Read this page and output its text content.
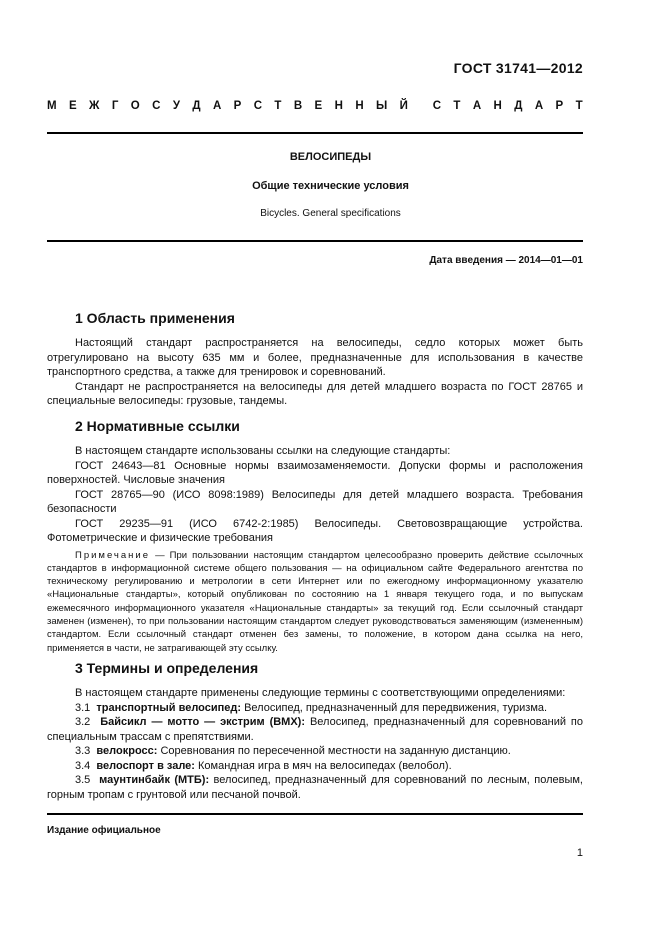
ГОСТ 31741—2012
М Е Ж Г О С У Д А Р С Т В Е Н Н Ы Й С Т А Н Д А Р Т
ВЕЛОСИПЕДЫ
Общие технические условия
Bicycles. General specifications
Дата введения — 2014—01—01
1 Область применения

Настоящий стандарт распространяется на велосипеды, седло которых может быть отрегулировано на высоту 635 мм и более, предназначенные для использования в качестве транспортного средства, а также для тренировок и соревнований.

Стандарт не распространяется на велосипеды для детей младшего возраста по ГОСТ 28765 и специальные велосипеды: грузовые, тандемы.

2 Нормативные ссылки

В настоящем стандарте использованы ссылки на следующие стандарты:

ГОСТ 24643—81 Основные нормы взаимозаменяемости. Допуски формы и расположения поверхностей. Числовые значения

ГОСТ 28765—90 (ИСО 8098:1989) Велосипеды для детей младшего возраста. Требования безопасности

ГОСТ 29235—91 (ИСО 6742-2:1985) Велосипеды. Световозвращающие устройства. Фотометрические и физические требования

Примечание — При пользовании настоящим стандартом целесообразно проверить действие ссылочных стандартов в информационной системе общего пользования — на официальном сайте Федерального агентства по техническому регулированию и метрологии в сети Интернет или по ежегодному информационному указателю «Национальные стандарты», который опубликован по состоянию на 1 января текущего года, и по выпускам ежемесячного информационного указателя «Национальные стандарты» за текущий год. Если ссылочный стандарт заменен (изменен), то при пользовании настоящим стандартом следует руководствоваться заменяющим (измененным) стандартом. Если ссылочный стандарт отменен без замены, то положение, в котором дана ссылка на него, применяется в части, не затрагивающей эту ссылку.

3 Термины и определения

В настоящем стандарте применены следующие термины с соответствующими определениями:

3.1 транспортный велосипед: Велосипед, предназначенный для передвижения, туризма.

3.2 Байсикл — мотто — экстрим (ВМХ): Велосипед, предназначенный для соревнований по специальным трассам с препятствиями.

3.3 велокросс: Соревнования по пересеченной местности на заданную дистанцию.

3.4 велоспорт в зале: Командная игра в мяч на велосипедах (велобол).

3.5 маунтинбайк (МТБ): велосипед, предназначенный для соревнований по лесным, полевым, горным тропам с грунтовой или песчаной почвой.

Издание официальное
1
